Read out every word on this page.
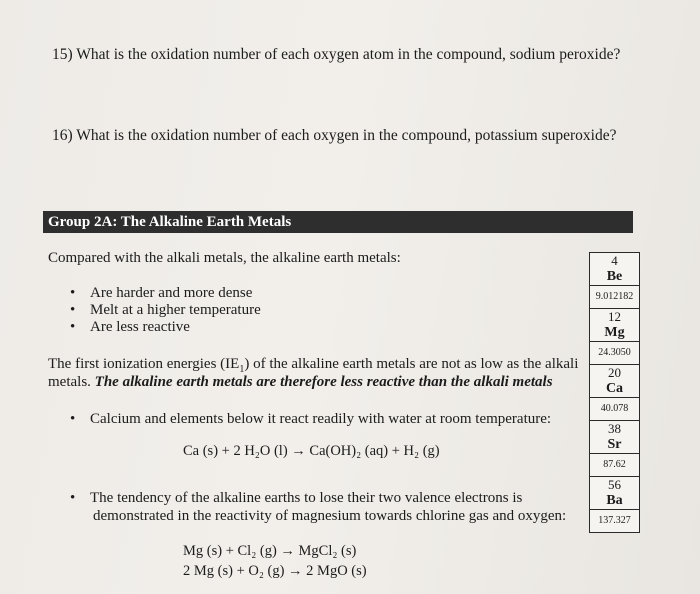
15) What is the oxidation number of each oxygen atom in the compound, sodium peroxide?
16) What is the oxidation number of each oxygen in the compound, potassium superoxide?
Group 2A: The Alkaline Earth Metals
Compared with the alkali metals, the alkaline earth metals:
• Are harder and more dense
• Melt at a higher temperature
• Are less reactive
The first ionization energies $(IE_1)$ of the alkaline earth metals are not as low as the alkali
metals. The alkaline earth metals are therefore less reactive than the alkali metals
• Calcium and elements below it react readily with water at room temperature:
Ca (s) + 2 H₂O (l) → Ca(OH)₂ (aq) + H₂ (g)
• The tendency of the alkaline earths to lose their two valence electrons is
demonstrated in the reactivity of magnesium towards chlorine gas and oxygen:
Mg (s) + Cl₂ (g) → MgCl₂ (s)
2 Mg (s) + O₂ (g) → 2 MgO (s)
4
Be
9.012182
12
Mg
24.3050
20
Ca
40.078
38
Sr
87.62
56
Ba
137.327
